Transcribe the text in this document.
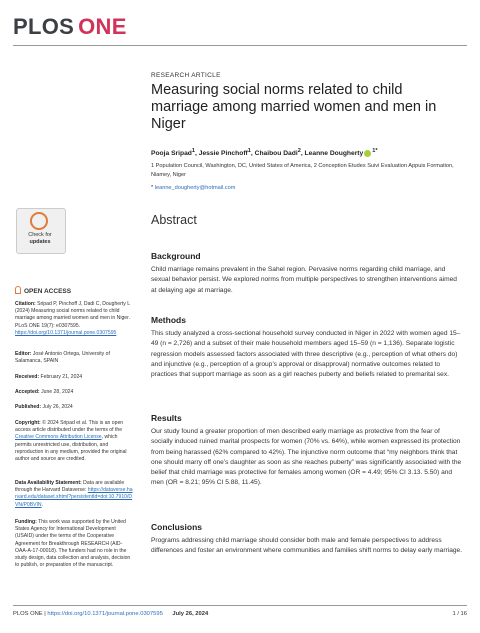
PLOS ONE
RESEARCH ARTICLE
Measuring social norms related to child marriage among married women and men in Niger
Pooja Sripad$^1$, Jessie Pinchoff$^1$, Chaibou Dadi$^2$, Leanne Dougherty $^{1*}$
1 Population Council, Washington, DC, United States of America, 2 Conception Etudes Suivi Evaluation Appuis Formation, Niamey, Niger
* leanne_dougherty@hotmail.com
Abstract
Background
Child marriage remains prevalent in the Sahel region. Pervasive norms regarding child marriage, and sexual behavior persist. We explored norms from multiple perspectives to strengthen interventions aimed at delaying age at marriage.
Methods
This study analyzed a cross-sectional household survey conducted in Niger in 2022 with women aged 15–49 (n = 2,726) and a subset of their male household members aged 15–59 (n = 1,136). Separate logistic regression models assessed factors associated with three descriptive (e.g., perception of what others do) and injunctive (e.g., perception of a group’s approval or disapproval) normative outcomes related to practices that support marriage as soon as a girl reaches puberty and beliefs related to premarital sex.
Results
Our study found a greater proportion of men described early marriage as protective from the fear of socially induced ruined marital prospects for women (70% vs. 64%), while women expressed its protection from being harassed (62% compared to 42%). The injunctive norm outcome that “my neighbors think that one should marry off one’s daughter as soon as she reaches puberty” was significantly associated with the belief that child marriage was protective for females among women (OR = 4.49; 95% CI 3.13. 5.50) and men (OR = 8.21; 95% CI 5.88, 11.45).
Conclusions
Programs addressing child marriage should consider both male and female perspectives to address differences and foster an environment where communities and families shift norms to delay early marriage.
Check for
updates
OPEN ACCESS
Citation: Sripad P, Pinchoff J, Dadi C, Dougherty L (2024) Measuring social norms related to child marriage among married women and men in Niger. PLoS ONE 19(7): e0307595. https://doi.org/10.1371/journal.pone.0307595
Editor: José Antonio Ortega, University of Salamanca, SPAIN
Received: February 21, 2024
Accepted: June 28, 2024
Published: July 26, 2024
Copyright: © 2024 Sripad et al. This is an open access article distributed under the terms of the Creative Commons Attribution License, which permits unrestricted use, distribution, and reproduction in any medium, provided the original author and source are credited.
Data Availability Statement: Data are available through the Harvard Dataverse: https://dataverse.harvard.edu/dataset.xhtml?persistentId=doi:10.7910/DVN/P0BVIN.
Funding: This work was supported by the United States Agency for International Development (USAID) under the terms of the Cooperative Agreement for Breakthrough RESEARCH (AID-OAA-A-17-00018). The funders had no role in the study design, data collection and analysis, decision to publish, or preparation of the manuscript.
PLOS ONE | https://doi.org/10.1371/journal.pone.0307595 July 26, 2024	1 / 16
